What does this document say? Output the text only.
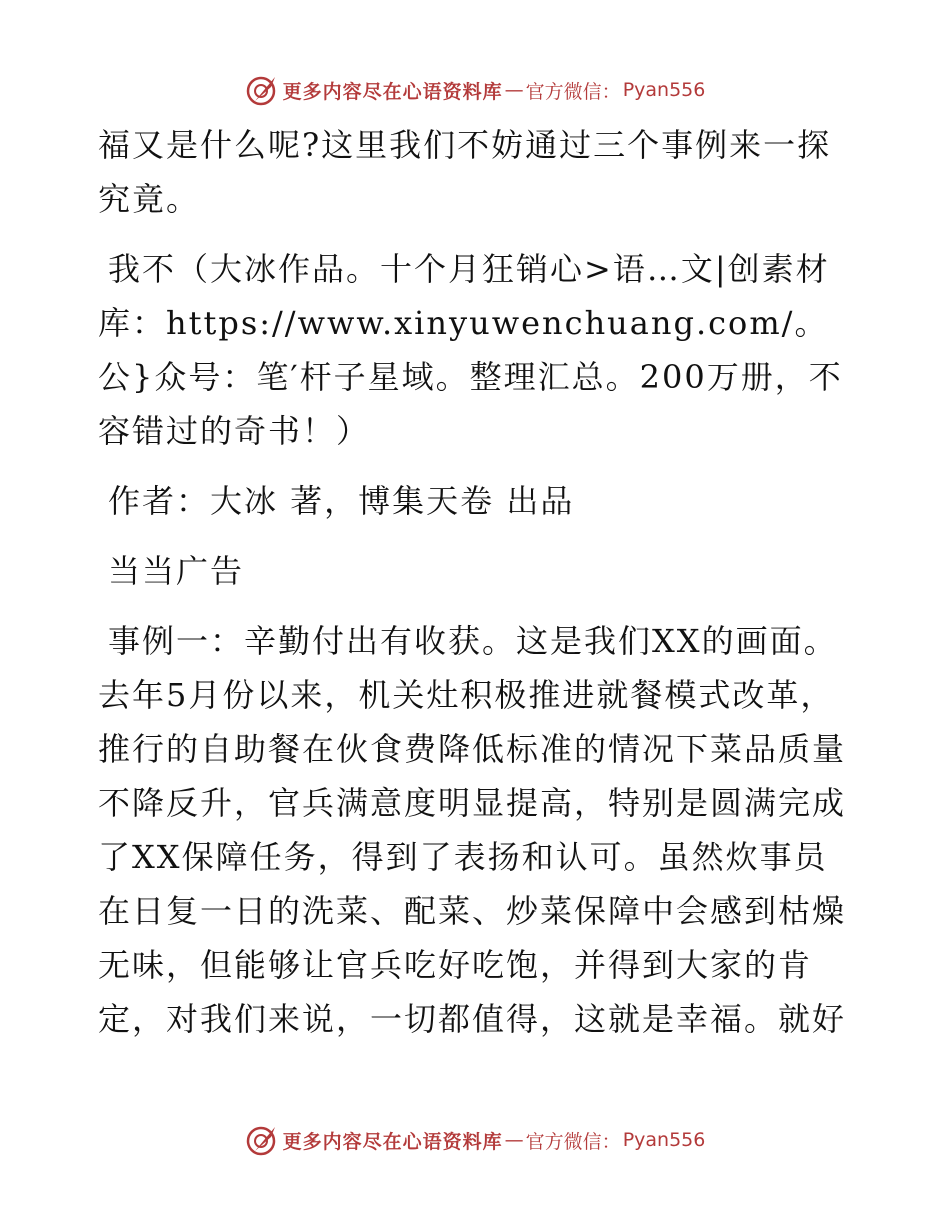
更多内容尽在心语资料库 — 官方微信： Pyan556

福又是什么呢?这里我们不妨通过三个事例来一探究竟。

我不（大冰作品。十个月狂销心>语…文|创素材库：https://www.xinyuwenchuang.com/。公}众号：笔′杆子星域。整理汇总。200万册，不容错过的奇书！）

作者：大冰 著，博集天卷 出品

当当广告

事例一：辛勤付出有收获。这是我们XX的画面。去年5月份以来，机关灶积极推进就餐模式改革，推行的自助餐在伙食费降低标准的情况下菜品质量不降反升，官兵满意度明显提高，特别是圆满完成了XX保障任务，得到了表扬和认可。虽然炊事员在日复一日的洗菜、配菜、炒菜保障中会感到枯燥无味，但能够让官兵吃好吃饱，并得到大家的肯定，对我们来说，一切都值得，这就是幸福。就好

更多内容尽在心语资料库 — 官方微信： Pyan556
